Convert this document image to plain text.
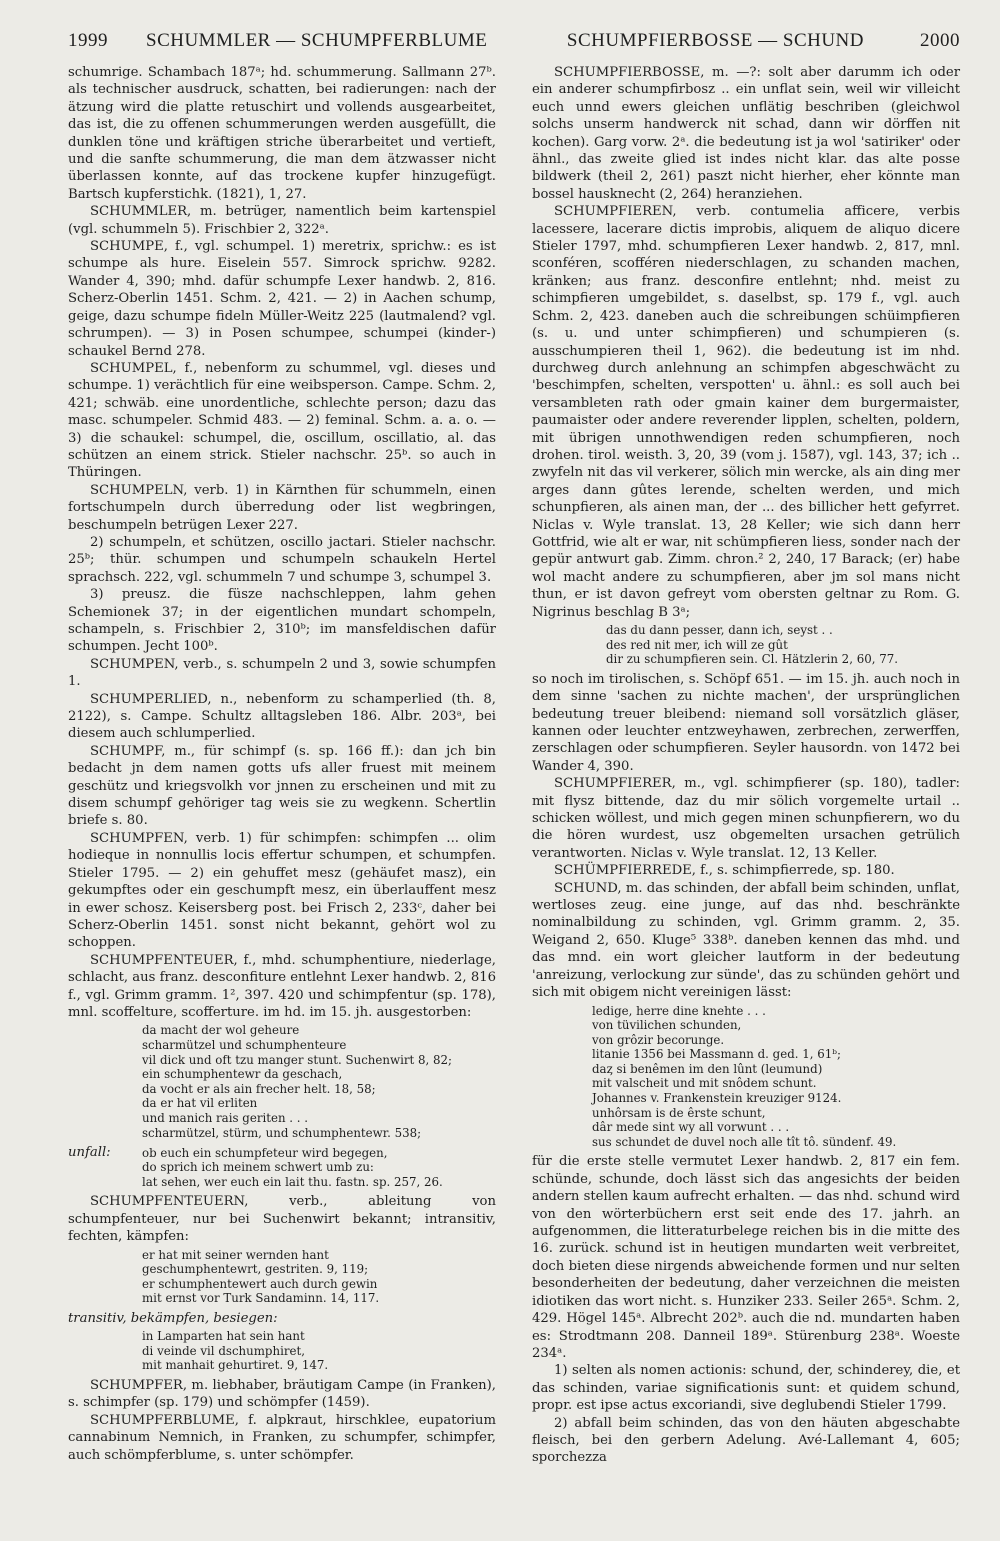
1999 SCHUMMLER — SCHUMPFERBLUME	SCHUMPFIERBOSSE — SCHUND	2000

schumrige. Schambach 187ᵃ; hd. schummerung. Sallmann 27ᵇ. als technischer ausdruck, schatten, bei radierungen: nach der ätzung wird die platte retuschirt und vollends ausgearbeitet, das ist, die zu offenen schummerungen werden ausgefüllt, die dunklen töne und kräftigen striche überarbeitet und vertieft, und die sanfte schummerung, die man dem ätzwasser nicht überlassen konnte, auf das trockene kupfer hinzugefügt. Bartsch kupferstichk. (1821), 1, 27.

SCHUMMLER, m. betrüger, namentlich beim kartenspiel (vgl. schummeln 5). Frischbier 2, 322ᵃ.

SCHUMPE, f., vgl. schumpel. 1) meretrix, sprichw.: es ist schumpe als hure. Eiselein 557. Simrock sprichw. 9282. Wander 4, 390; mhd. dafür schumpfe Lexer handwb. 2, 816. Scherz-Oberlin 1451. Schm. 2, 421. — 2) in Aachen schump, geige, dazu schumpe fideln Müller-Weitz 225 (lautmalend? vgl. schrumpen). — 3) in Posen schumpee, schumpei (kinder-) schaukel Bernd 278.

SCHUMPEL, f., nebenform zu schummel, vgl. dieses und schumpe. 1) verächtlich für eine weibsperson. Campe. Schm. 2, 421; schwäb. eine unordentliche, schlechte person; dazu das masc. schumpeler. Schmid 483. — 2) feminal. Schm. a. a. o. — 3) die schaukel: schumpel, die, oscillum, oscillatio, al. das schützen an einem strick. Stieler nachschr. 25ᵇ. so auch in Thüringen.

SCHUMPELN, verb. 1) in Kärnthen für schummeln, einen fortschumpeln durch überredung oder list wegbringen, beschumpeln betrügen Lexer 227.

2) schumpeln, et schützen, oscillo jactari. Stieler nachschr. 25ᵇ; thür. schumpen und schumpeln schaukeln Hertel sprachsch. 222, vgl. schummeln 7 und schumpe 3, schumpel 3.

3) preusz. die füsze nachschleppen, lahm gehen Schemionek 37; in der eigentlichen mundart schompeln, schampeln, s. Frischbier 2, 310ᵇ; im mansfeldischen dafür schumpen. Jecht 100ᵇ.

SCHUMPEN, verb., s. schumpeln 2 und 3, sowie schumpfen 1.

SCHUMPERLIED, n., nebenform zu schamperlied (th. 8, 2122), s. Campe. Schultz alltagsleben 186. Albr. 203ᵃ, bei diesem auch schlumperlied.

SCHUMPF, m., für schimpf (s. sp. 166 ff.): dan jch bin bedacht jn dem namen gotts ufs aller fruest mit meinem geschütz und kriegsvolkh vor jnnen zu erscheinen und mit zu disem schumpf gehöriger tag weis sie zu wegkenn. Schertlin briefe s. 80.

SCHUMPFEN, verb. 1) für schimpfen: schimpfen ... olim hodieque in nonnullis locis effertur schumpen, et schumpfen. Stieler 1795. — 2) ein gehuffet mesz (gehäufet masz), ein gekumpftes oder ein geschumpft mesz, ein überlauffent mesz in ewer schosz. Keisersberg post. bei Frisch 2, 233ᶜ, daher bei Scherz-Oberlin 1451. sonst nicht bekannt, gehört wol zu schoppen.

SCHUMPFENTEUER, f., mhd. schumphentiure, niederlage, schlacht, aus franz. desconfiture entlehnt Lexer handwb. 2, 816 f., vgl. Grimm gramm. 1², 397. 420 und schimpfentur (sp. 178), mnl. scoffelture, scofferture. im hd. im 15. jh. ausgestorben:

da macht der wol geheure
scharmützel und schumphenteure
vil dick und oft tzu manger stunt. Suchenwirt 8, 82;
ein schumphentewr da geschach,
da vocht er als ain frecher helt. 18, 58;
da er hat vil erliten
und manich rais geriten . . .
scharmützel, stürm, und schumphentewr. 538;

unfall:	ob euch ein schumpfeteur wird begegen,
do sprich ich meinem schwert umb zu:
lat sehen, wer euch ein lait thu. fastn. sp. 257, 26.

SCHUMPFENTEUERN, verb., ableitung von schumpfenteuer, nur bei Suchenwirt bekannt; intransitiv, fechten, kämpfen:

er hat mit seiner wernden hant
geschumphentewrt, gestriten. 9, 119;
er schumphentewert auch durch gewin
mit ernst vor Turk Sandaminn. 14, 117.

transitiv, bekämpfen, besiegen:

in Lamparten hat sein hant
di veinde vil dschumphiret,
mit manhait gehurtiret. 9, 147.

SCHUMPFER, m. liebhaber, bräutigam Campe (in Franken), s. schimpfer (sp. 179) und schömpfer (1459).

SCHUMPFERBLUME, f. alpkraut, hirschklee, eupatorium cannabinum Nemnich, in Franken, zu schumpfer, schimpfer, auch schömpferblume, s. unter schömpfer.

SCHUMPFIERBOSSE, m. —?: solt aber darumm ich oder ein anderer schumpfirbosz .. ein unflat sein, weil wir villeicht euch unnd ewers gleichen unflätig beschriben (gleichwol solchs unserm handwerck nit schad, dann wir dörffen nit kochen). Garg vorw. 2ᵃ. die bedeutung ist ja wol 'satiriker' oder ähnl., das zweite glied ist indes nicht klar. das alte posse bildwerk (theil 2, 261) paszt nicht hierher, eher könnte man bossel hausknecht (2, 264) heranziehen.

SCHUMPFIEREN, verb. contumelia afficere, verbis lacessere, lacerare dictis improbis, aliquem de aliquo dicere Stieler 1797, mhd. schumpfieren Lexer handwb. 2, 817, mnl. sconféren, scofféren niederschlagen, zu schanden machen, kränken; aus franz. desconfire entlehnt; nhd. meist zu schimpfieren umgebildet, s. daselbst, sp. 179 f., vgl. auch Schm. 2, 423. daneben auch die schreibungen schüimpfieren (s. u. und unter schimpfieren) und schumpieren (s. ausschumpieren theil 1, 962). die bedeutung ist im nhd. durchweg durch anlehnung an schimpfen abgeschwächt zu 'beschimpfen, schelten, verspotten' u. ähnl.: es soll auch bei versambleten rath oder gmain kainer dem burgermaister, paumaister oder andere reverender lipplen, schelten, poldern, mit übrigen unnothwendigen reden schumpfieren, noch drohen. tirol. weisth. 3, 20, 39 (vom j. 1587), vgl. 143, 37; ich .. zwyfeln nit das vil verkerer, sölich min wercke, als ain ding mer arges dann gûtes lerende, schelten werden, und mich schunpfieren, als ainen man, der ... des billicher hett gefyrret. Niclas v. Wyle translat. 13, 28 Keller; wie sich dann herr Gottfrid, wie alt er war, nit schümpfieren liess, sonder nach der gepür antwurt gab. Zimm. chron.² 2, 240, 17 Barack; (er) habe wol macht andere zu schumpfieren, aber jm sol mans nicht thun, er ist davon gefreyt vom obersten geltnar zu Rom. G. Nigrinus beschlag B 3ᵃ;

das du dann pesser, dann ich, seyst . .
des red nit mer, ich will ze gût
dir zu schumpfieren sein. Cl. Hätzlerin 2, 60, 77.

so noch im tirolischen, s. Schöpf 651. — im 15. jh. auch noch in dem sinne 'sachen zu nichte machen', der ursprünglichen bedeutung treuer bleibend: niemand soll vorsätzlich gläser, kannen oder leuchter entzweyhawen, zerbrechen, zerwerffen, zerschlagen oder schumpfieren. Seyler hausordn. von 1472 bei Wander 4, 390.

SCHUMPFIERER, m., vgl. schimpfierer (sp. 180), tadler: mit flysz bittende, daz du mir sölich vorgemelte urtail .. schicken wöllest, und mich gegen minen schunpfierern, wo du die hören wurdest, usz obgemelten ursachen getrülich verantworten. Niclas v. Wyle translat. 12, 13 Keller.

SCHÜMPFIERREDE, f., s. schimpfierrede, sp. 180.

SCHUND, m. das schinden, der abfall beim schinden, unflat, wertloses zeug. eine junge, auf das nhd. beschränkte nominalbildung zu schinden, vgl. Grimm gramm. 2, 35. Weigand 2, 650. Kluge⁵ 338ᵇ. daneben kennen das mhd. und das mnd. ein wort gleicher lautform in der bedeutung 'anreizung, verlockung zur sünde', das zu schünden gehört und sich mit obigem nicht vereinigen lässt:

ledige, herre dine knehte . . .
von tüvilichen schunden,
von grôzir becorunge.
litanie 1356 bei Massmann d. ged. 1, 61ᵇ;
daȥ si benêmen im den lûnt (leumund)
mit valscheit und mit snôdem schunt.
Johannes v. Frankenstein kreuziger 9124.
unhôrsam is de êrste schunt,
dâr mede sint wy all vorwunt . . .
sus schundet de duvel noch alle tît tô. sündenf. 49.

für die erste stelle vermutet Lexer handwb. 2, 817 ein fem. schünde, schunde, doch lässt sich das angesichts der beiden andern stellen kaum aufrecht erhalten. — das nhd. schund wird von den wörterbüchern erst seit ende des 17. jahrh. an aufgenommen, die litteraturbelege reichen bis in die mitte des 16. zurück. schund ist in heutigen mundarten weit verbreitet, doch bieten diese nirgends abweichende formen und nur selten besonderheiten der bedeutung, daher verzeichnen die meisten idiotiken das wort nicht. s. Hunziker 233. Seiler 265ᵃ. Schm. 2, 429. Högel 145ᵃ. Albrecht 202ᵇ. auch die nd. mundarten haben es: Strodtmann 208. Danneil 189ᵃ. Stürenburg 238ᵃ. Woeste 234ᵃ.

1) selten als nomen actionis: schund, der, schinderey, die, et das schinden, variae significationis sunt: et quidem schund, propr. est ipse actus excoriandi, sive deglubendi Stieler 1799.

2) abfall beim schinden, das von den häuten abgeschabte fleisch, bei den gerbern Adelung. Avé-Lallemant 4, 605; sporchezza
